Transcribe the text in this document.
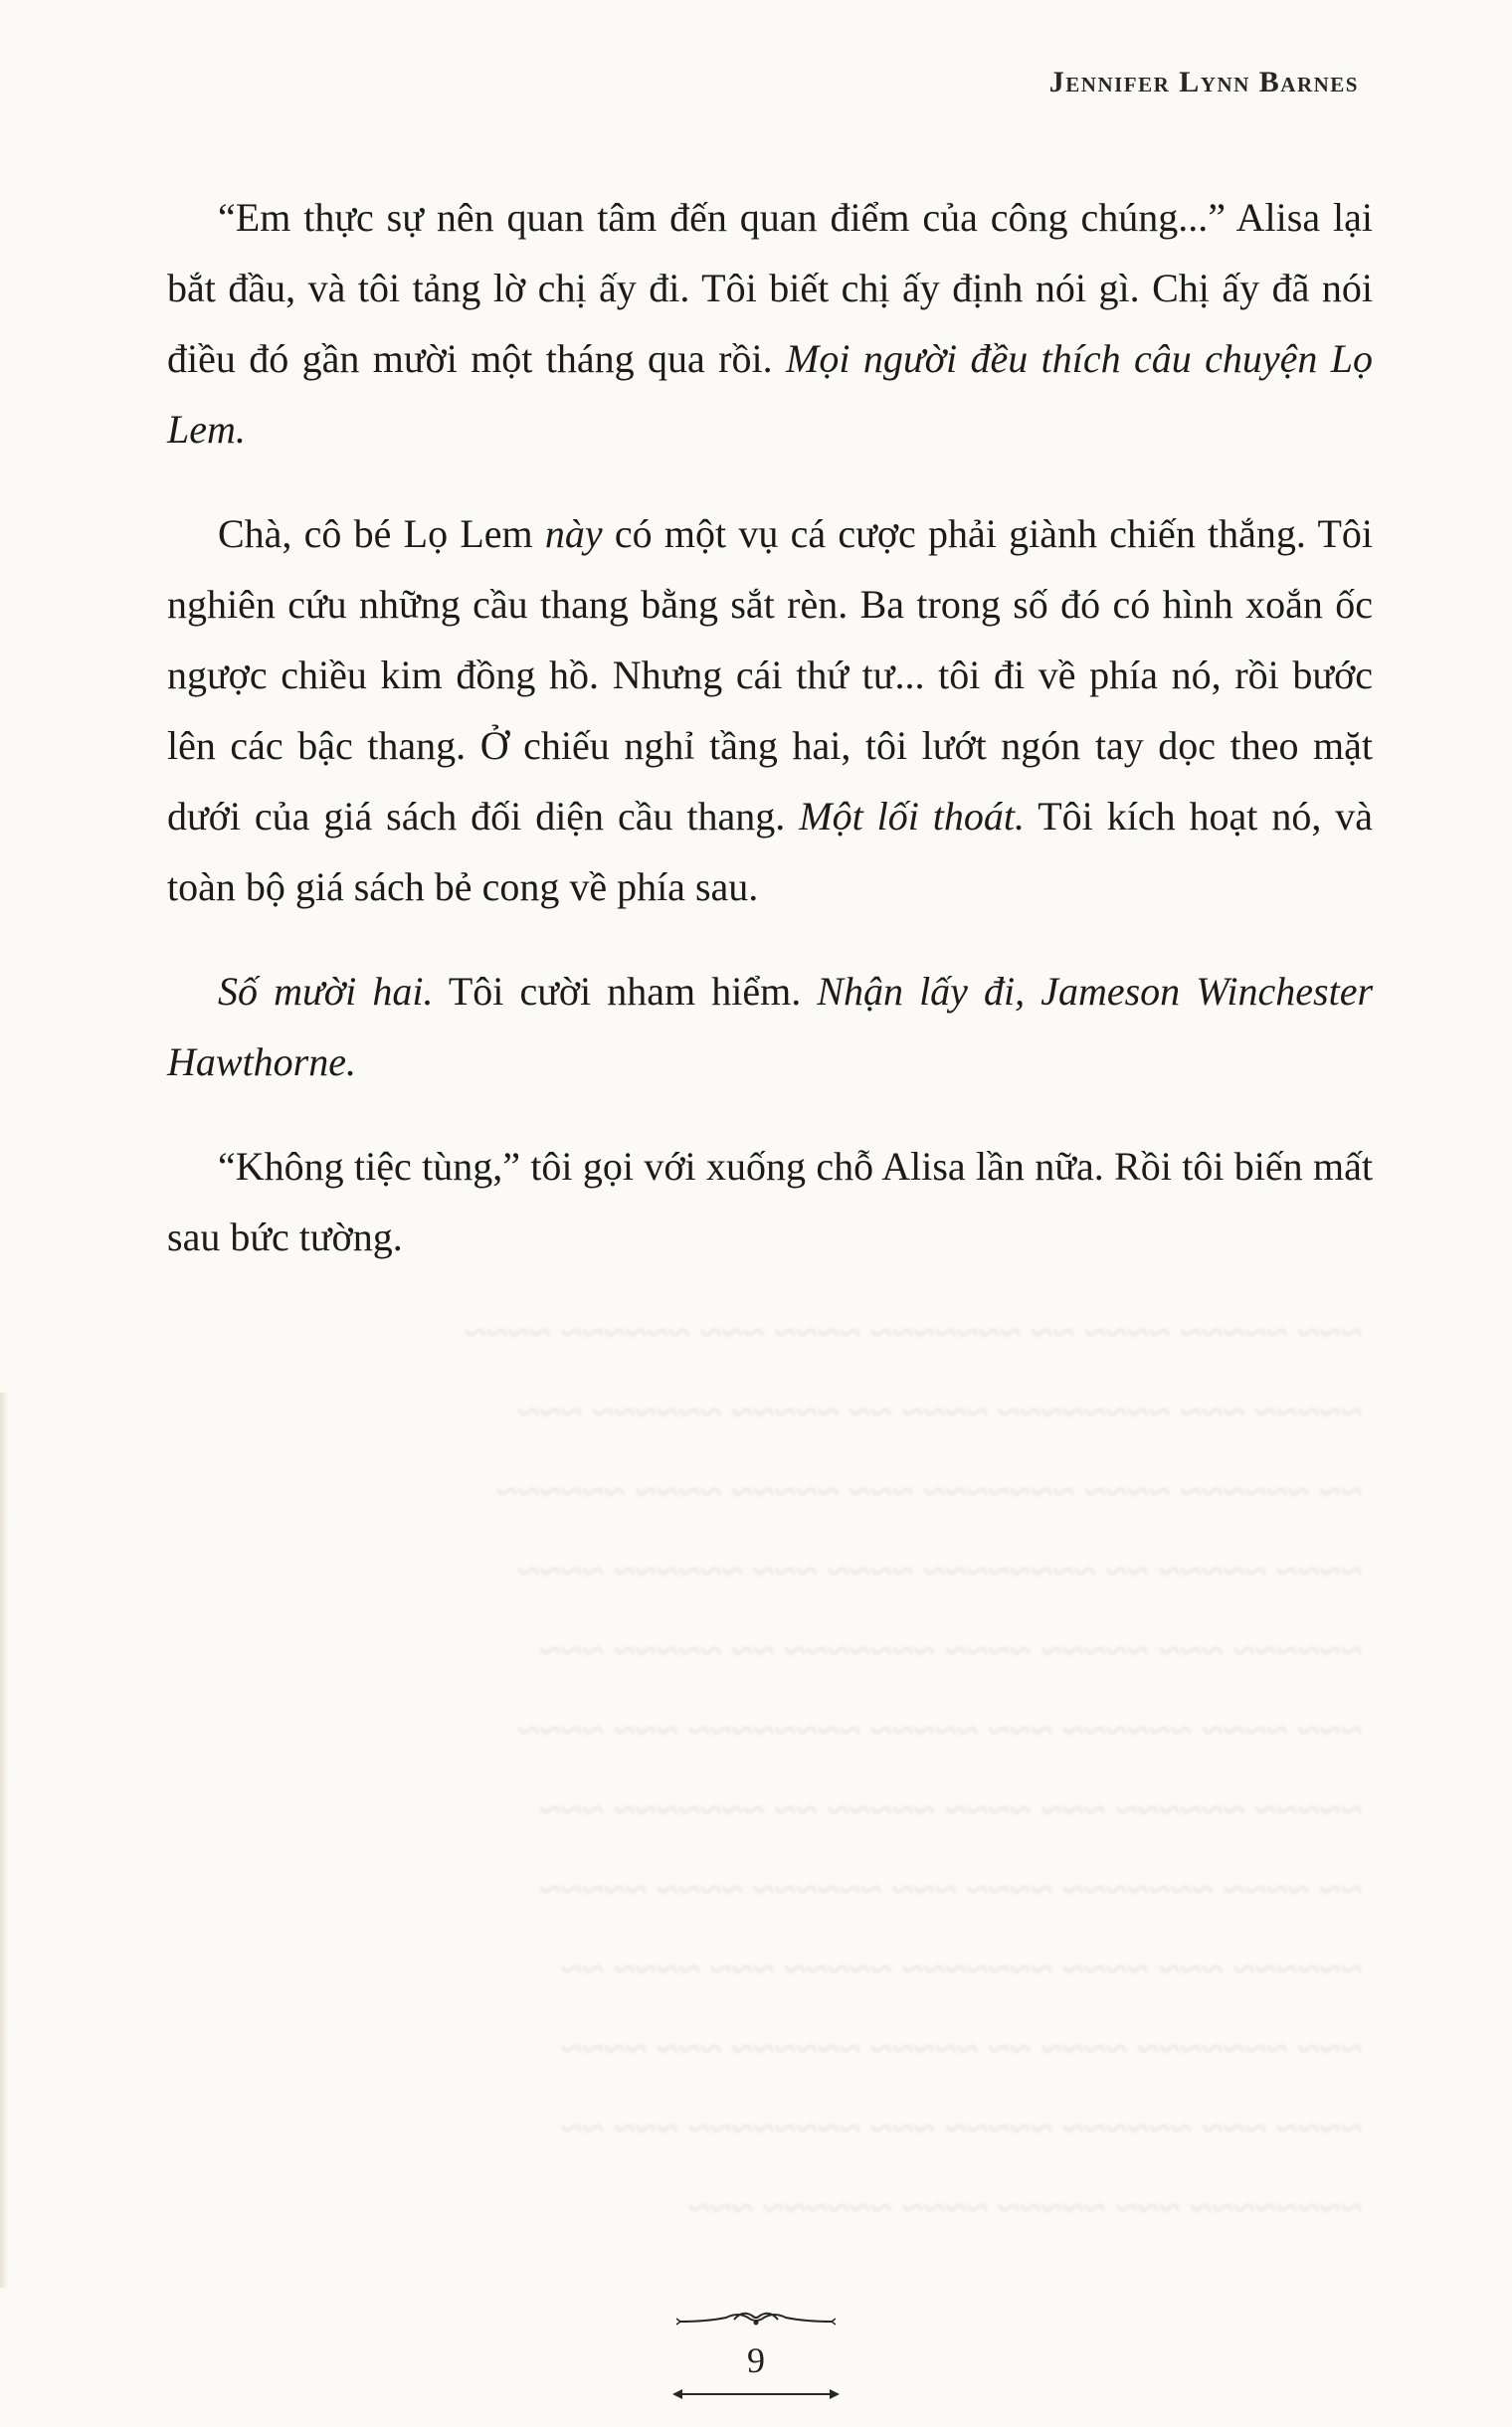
Jennifer Lynn Barnes
~~~ ~~~~~ ~~~~ ~~ ~~~~~~~ ~~~~ ~~~ ~~~~~~ ~~~~
~~~~~ ~~~ ~~~~~~~~ ~~~~ ~~ ~~~~~ ~~~~~~ ~~~
~~ ~~~~~~ ~~~~ ~~~~~~~ ~~~ ~~~~~ ~~~~ ~~~~~~
~~~~ ~~~~~ ~~ ~~~~~~~~ ~~~~ ~~~ ~~~~~~ ~~~~
~~~~~~ ~~~ ~~~~~ ~~~~ ~~~~~~~ ~~ ~~~~~ ~~~
~~~ ~~~~ ~~~~~~ ~~~ ~~~~~ ~~~~~~~~ ~~~ ~~~~
~~~~~ ~~~~~~ ~~~ ~~~~ ~~~~~ ~~ ~~~~~~~ ~~~
~~ ~~~~ ~~~~~~~ ~~~~ ~~~ ~~~~~~ ~~~~ ~~~~~
~~~~~~ ~~~ ~~~~ ~~~~~~~ ~~~~~ ~~~ ~~~~ ~~
~~~ ~~~~~~~ ~~~~ ~~ ~~~~~ ~~~~~~ ~~~ ~~~~
~~~~ ~~~ ~~~~~~ ~~~~~ ~~~ ~~~~~~~~ ~~~ ~~
~~~~~~~~ ~~~ ~~~~~ ~~~~ ~~~~~~ ~~~

“Em thực sự nên quan tâm đến quan điểm của công chúng...” Alisa lại bắt đầu, và tôi tảng lờ chị ấy đi. Tôi biết chị ấy định nói gì. Chị ấy đã nói điều đó gần mười một tháng qua rồi. Mọi người đều thích câu chuyện Lọ Lem.

Chà, cô bé Lọ Lem này có một vụ cá cược phải giành chiến thắng. Tôi nghiên cứu những cầu thang bằng sắt rèn. Ba trong số đó có hình xoắn ốc ngược chiều kim đồng hồ. Nhưng cái thứ tư... tôi đi về phía nó, rồi bước lên các bậc thang. Ở chiếu nghỉ tầng hai, tôi lướt ngón tay dọc theo mặt dưới của giá sách đối diện cầu thang. Một lối thoát. Tôi kích hoạt nó, và toàn bộ giá sách bẻ cong về phía sau.

Số mười hai. Tôi cười nham hiểm. Nhận lấy đi, Jameson Winchester Hawthorne.

“Không tiệc tùng,” tôi gọi với xuống chỗ Alisa lần nữa. Rồi tôi biến mất sau bức tường.

9
